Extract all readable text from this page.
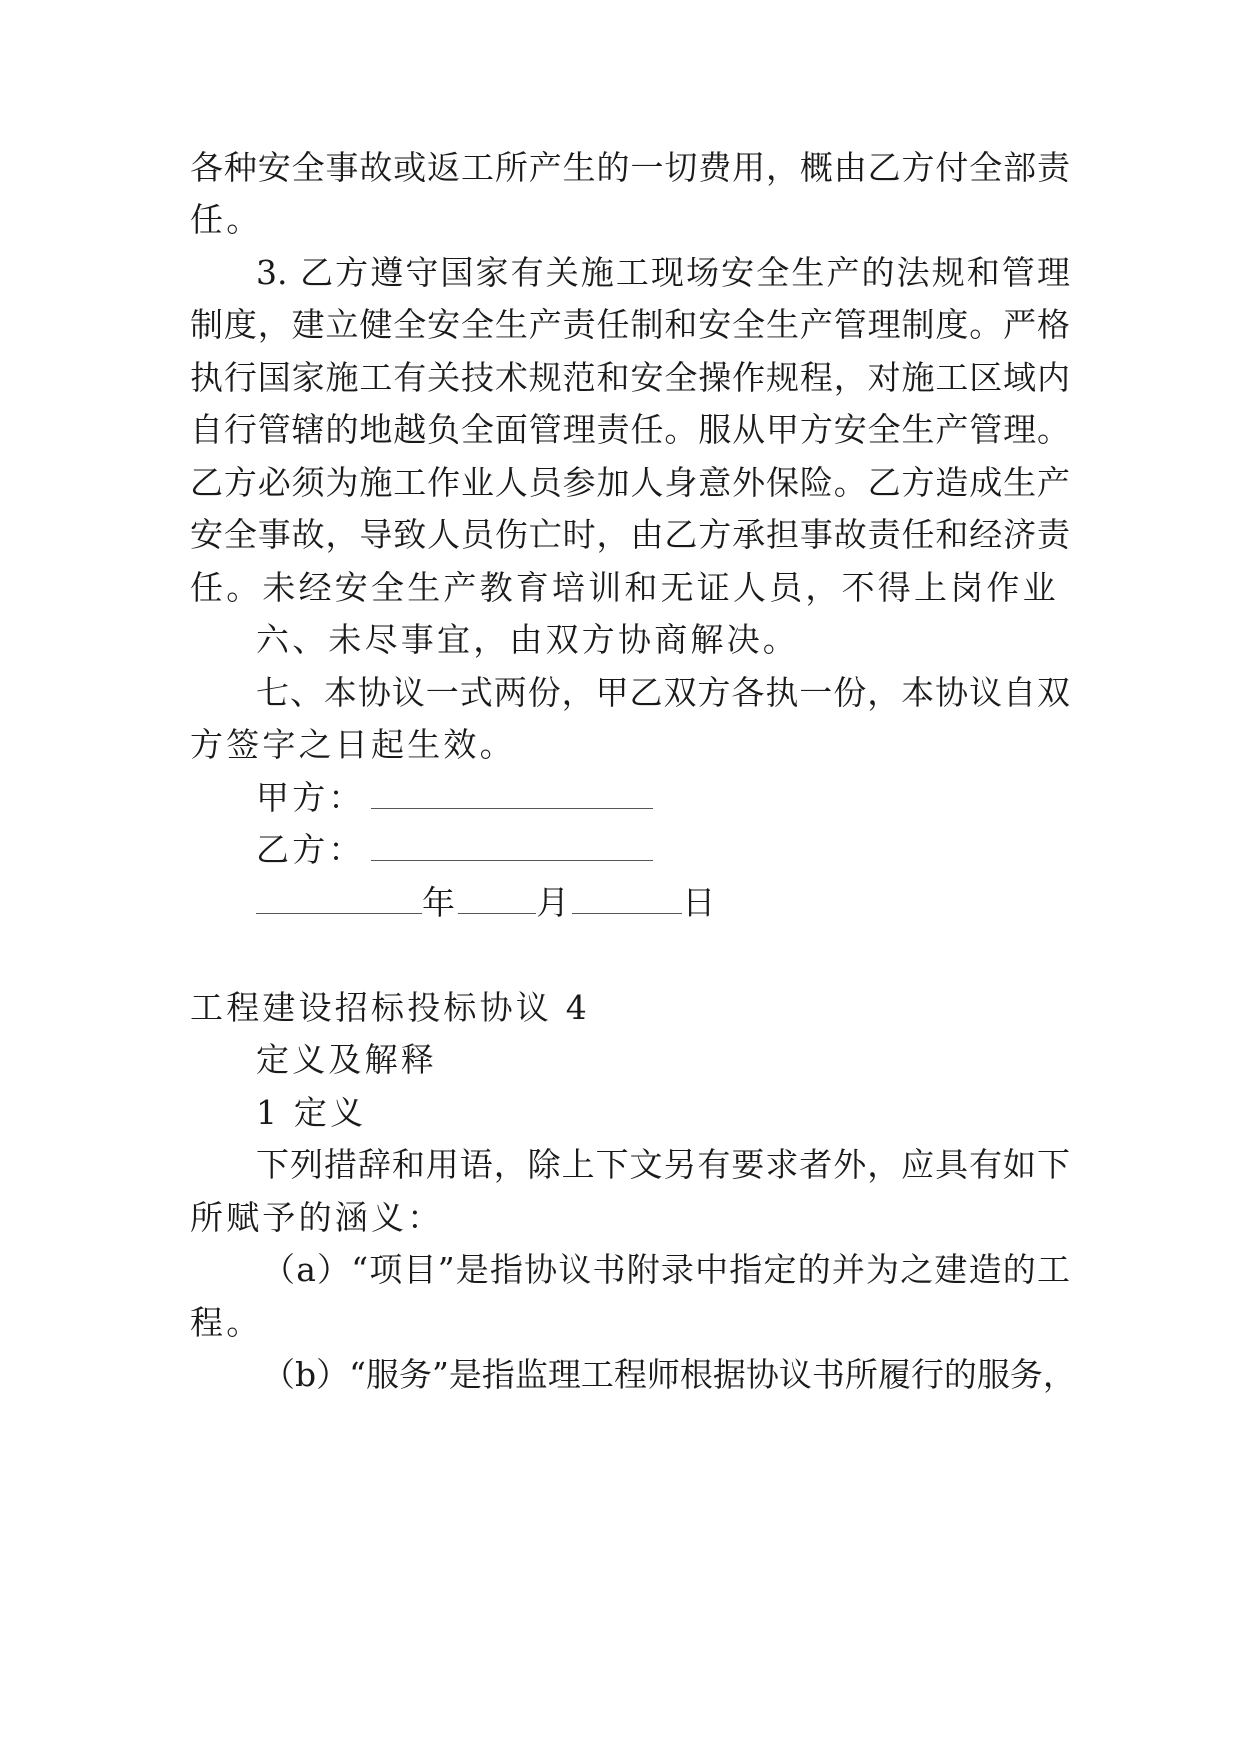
各种安全事故或返工所产生的一切费用，概由乙方付全部责
任。
3. 乙方遵守国家有关施工现场安全生产的法规和管理
制度，建立健全安全生产责任制和安全生产管理制度。严格
执行国家施工有关技术规范和安全操作规程，对施工区域内
自行管辖的地越负全面管理责任。服从甲方安全生产管理。
乙方必须为施工作业人员参加人身意外保险。乙方造成生产
安全事故，导致人员伤亡时，由乙方承担事故责任和经济责
任。未经安全生产教育培训和无证人员，不得上岗作业
六、未尽事宜，由双方协商解决。
七、本协议一式两份，甲乙双方各执一份，本协议自双
方签字之日起生效。
甲方：
乙方：
年 月	日
工程建设招标投标协议 4
定义及解释
1 定义
下列措辞和用语，除上下文另有要求者外，应具有如下
所赋予的涵义：
（a）“项目”是指协议书附录中指定的并为之建造的工
程。
（b）“服务”是指监理工程师根据协议书所履行的服务，
